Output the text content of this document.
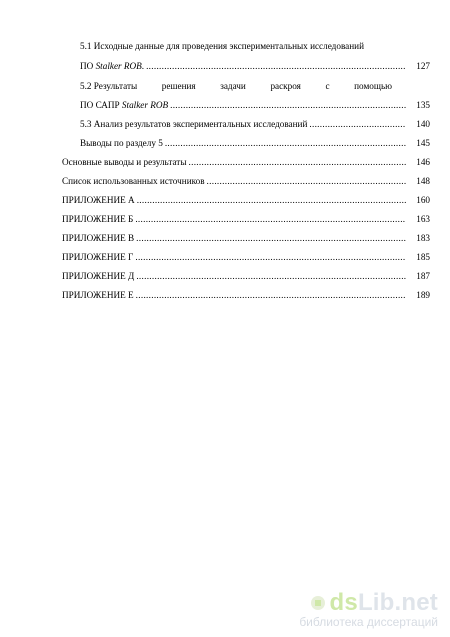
5.1 Исходные данные для проведения экспериментальных исследований
ПО Stalker ROB. .....	127
5.2 Результаты	решения	задачи	раскроя	с	помощью
ПО САПР Stalker ROB .....	135
5.3 Анализ результатов экспериментальных исследований .....	140
Выводы по разделу 5 .....	145
Основные выводы и результаты .....	146
Список использованных источников .....	148
ПРИЛОЖЕНИЕ А .....	160
ПРИЛОЖЕНИЕ Б .....	163
ПРИЛОЖЕНИЕ В .....	183
ПРИЛОЖЕНИЕ Г .....	185
ПРИЛОЖЕНИЕ Д .....	187
ПРИЛОЖЕНИЕ Е .....	189
dsLib.net
библиотека диссертаций
